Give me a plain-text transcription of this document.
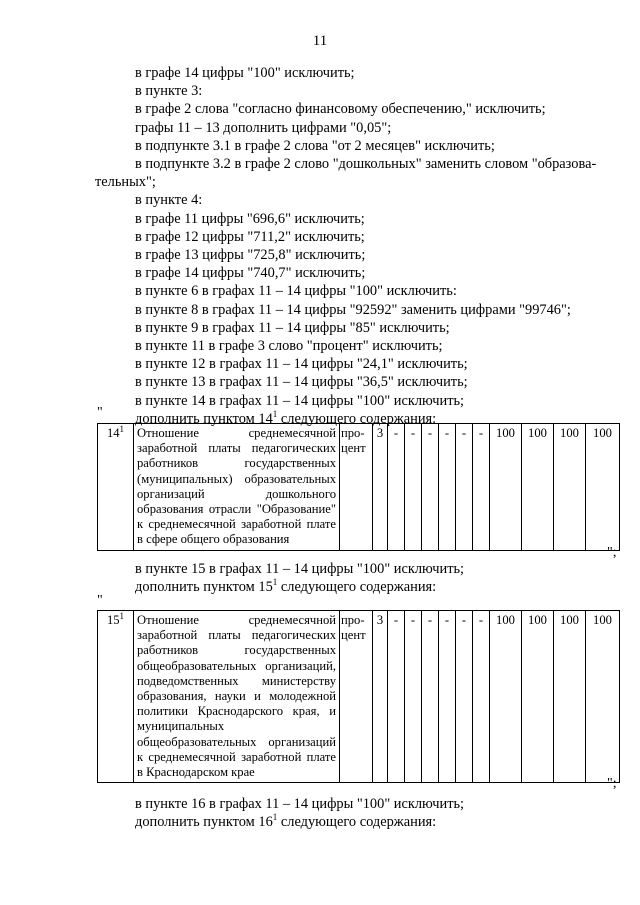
11
в графе 14 цифры "100" исключить;
в пункте 3:
в графе 2 слова "согласно финансовому обеспечению," исключить;
графы 11 – 13 дополнить цифрами "0,05";
в подпункте 3.1 в графе 2 слова "от 2 месяцев" исключить;
в подпункте 3.2 в графе 2 слово "дошкольных" заменить словом "образова-
тельных";
в пункте 4:
в графе 11 цифры "696,6" исключить;
в графе 12 цифры "711,2" исключить;
в графе 13 цифры "725,8" исключить;
в графе 14 цифры "740,7" исключить;
в пункте 6 в графах 11 – 14 цифры "100" исключить:
в пункте 8 в графах 11 – 14 цифры "92592" заменить цифрами "99746";
в пункте 9 в графах 11 – 14 цифры "85" исключить;
в пункте 11 в графе 3 слово "процент" исключить;
в пункте 12 в графах 11 – 14 цифры "24,1" исключить;
в пункте 13 в графах 11 – 14 цифры "36,5" исключить;
в пункте 14 в графах 11 – 14 цифры "100" исключить;
дополнить пунктом $14^1$ следующего содержания:
"
$14^1$	Отношение среднемесячной заработной платы педагогических работников государственных (муниципальных) образовательных организаций дошкольного образования отрасли "Образование" к среднемесячной заработной плате в сфере общего образования	про-
цент	3	-	-	-	-	-	-	100	100	100	100
";
в пункте 15 в графах 11 – 14 цифры "100" исключить;
дополнить пунктом $15^1$ следующего содержания:
"
$15^1$	Отношение среднемесячной заработной платы педагогических работников государственных общеобразовательных организаций, подведомственных министерству образования, науки и молодежной политики Краснодарского края, и муниципальных общеобразовательных организаций к среднемесячной заработной плате в Краснодарском крае	про-
цент	3	-	-	-	-	-	-	100	100	100	100
";
в пункте 16 в графах 11 – 14 цифры "100" исключить;
дополнить пунктом $16^1$ следующего содержания:
